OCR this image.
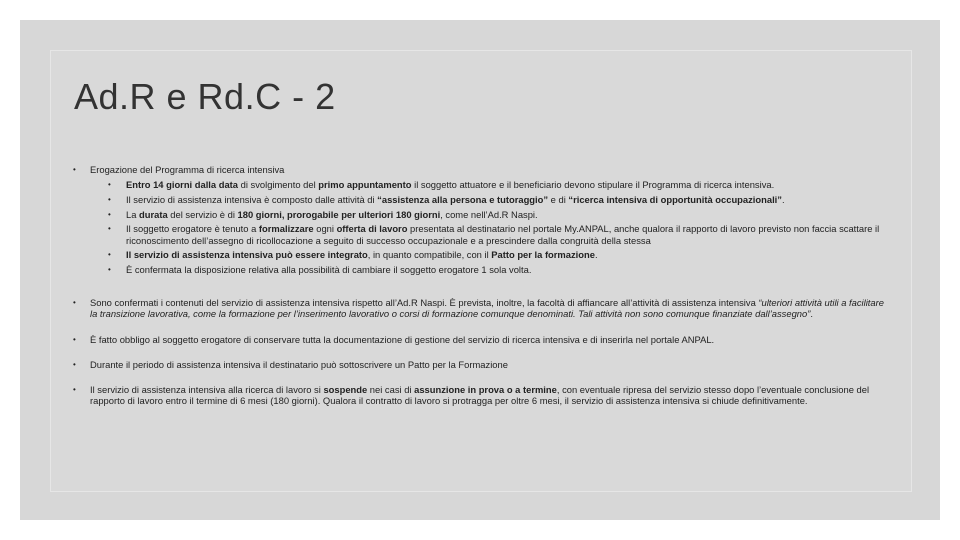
Ad.R e Rd.C - 2
• Erogazione del Programma di ricerca intensiva
• Entro 14 giorni dalla data di svolgimento del primo appuntamento il soggetto attuatore e il beneficiario devono stipulare il Programma di ricerca intensiva.
• Il servizio di assistenza intensiva è composto dalle attività di “assistenza alla persona e tutoraggio” e di “ricerca intensiva di opportunità occupazionali”.
• La durata del servizio è di 180 giorni, prorogabile per ulteriori 180 giorni, come nell’Ad.R Naspi.
• Il soggetto erogatore è tenuto a formalizzare ogni offerta di lavoro presentata al destinatario nel portale My.ANPAL, anche qualora il rapporto di lavoro previsto non faccia scattare il riconoscimento dell’assegno di ricollocazione a seguito di successo occupazionale e a prescindere dalla congruità della stessa
• Il servizio di assistenza intensiva può essere integrato, in quanto compatibile, con il Patto per la formazione.
• È confermata la disposizione relativa alla possibilità di cambiare il soggetto erogatore 1 sola volta.
• Sono confermati i contenuti del servizio di assistenza intensiva rispetto all’Ad.R Naspi. È prevista, inoltre, la facoltà di affiancare all’attività di assistenza intensiva “ulteriori attività utili a facilitare la transizione lavorativa, come la formazione per l’inserimento lavorativo o corsi di formazione comunque denominati. Tali attività non sono comunque finanziate dall’assegno”.
• È fatto obbligo al soggetto erogatore di conservare tutta la documentazione di gestione del servizio di ricerca intensiva e di inserirla nel portale ANPAL.
• Durante il periodo di assistenza intensiva il destinatario può sottoscrivere un Patto per la Formazione
• Il servizio di assistenza intensiva alla ricerca di lavoro si sospende nei casi di assunzione in prova o a termine, con eventuale ripresa del servizio stesso dopo l’eventuale conclusione del rapporto di lavoro entro il termine di 6 mesi (180 giorni). Qualora il contratto di lavoro si protragga per oltre 6 mesi, il servizio di assistenza intensiva si chiude definitivamente.
